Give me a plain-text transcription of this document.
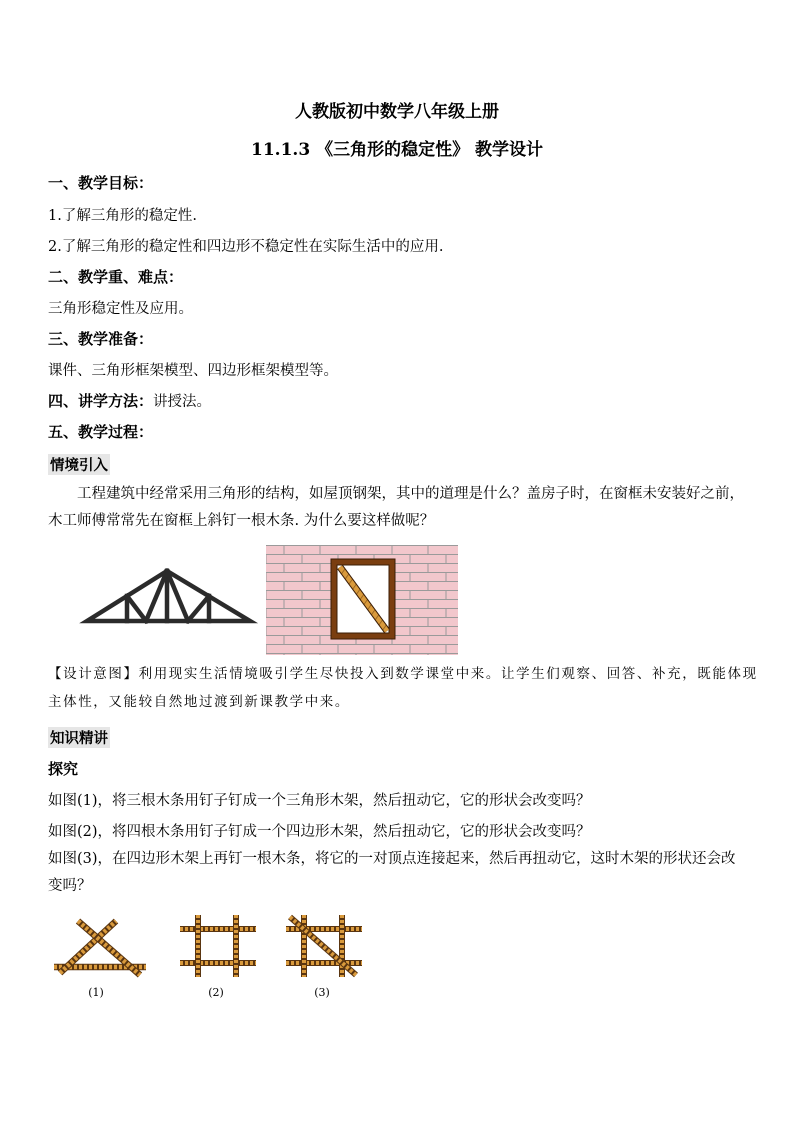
人教版初中数学八年级上册
11.1.3 《三角形的稳定性》 教学设计
一、教学目标：
1.了解三角形的稳定性.
2.了解三角形的稳定性和四边形不稳定性在实际生活中的应用.
二、教学重、难点：
三角形稳定性及应用。
三、教学准备：
课件、三角形框架模型、四边形框架模型等。
四、讲学方法：讲授法。
五、教学过程：
情境引入
工程建筑中经常采用三角形的结构，如屋顶钢架，其中的道理是什么？盖房子时，在窗框未安装好之前，木工师傅常常先在窗框上斜钉一根木条. 为什么要这样做呢？
【设计意图】利用现实生活情境吸引学生尽快投入到数学课堂中来。让学生们观察、回答、补充，既能体现主体性，又能较自然地过渡到新课教学中来。
知识精讲
探究
如图(1)，将三根木条用钉子钉成一个三角形木架，然后扭动它，它的形状会改变吗？
如图(2)，将四根木条用钉子钉成一个四边形木架，然后扭动它，它的形状会改变吗？
如图(3)，在四边形木架上再钉一根木条，将它的一对顶点连接起来，然后再扭动它，这时木架的形状还会改变吗？
(1)	(2)	(3)
